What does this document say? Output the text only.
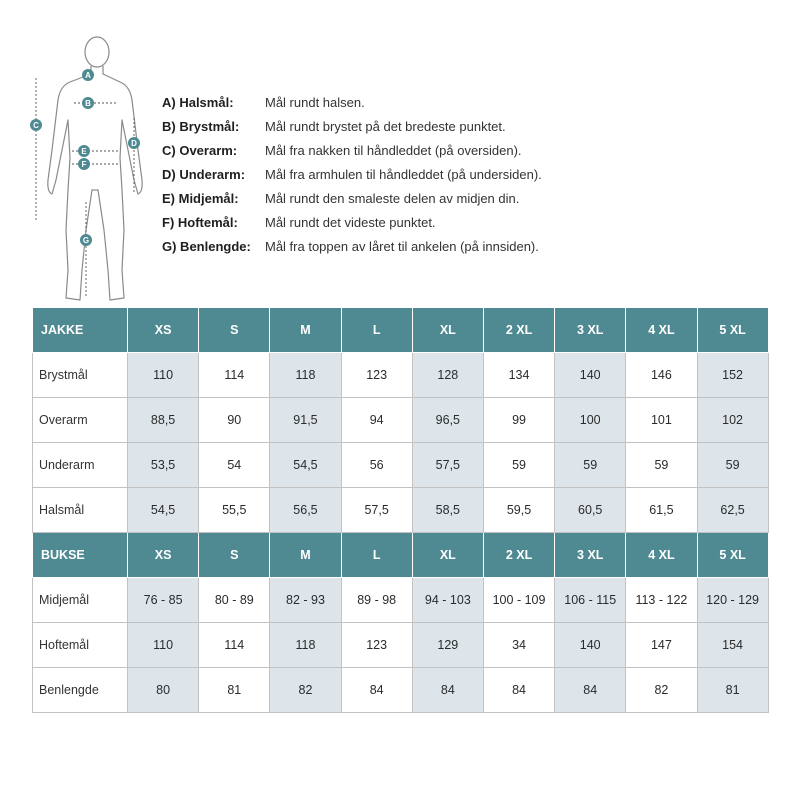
A
B
C
D
E
F
G
A) Halsmål:	Mål rundt halsen.
B) Brystmål:	Mål rundt brystet på det bredeste punktet.
C) Overarm:	Mål fra nakken til håndleddet (på oversiden).
D) Underarm:	Mål fra armhulen til håndleddet (på undersiden).
E) Midjemål:	Mål rundt den smaleste delen av midjen din.
F) Hoftemål:	Mål rundt det videste punktet.
G) Benlengde:	Mål fra toppen av låret til ankelen (på innsiden).
JAKKE	XS	S	M	L	XL	2 XL	3 XL	4 XL	5 XL
Brystmål	110	114	118	123	128	134	140	146	152
Overarm	88,5	90	91,5	94	96,5	99	100	101	102
Underarm	53,5	54	54,5	56	57,5	59	59	59	59
Halsmål	54,5	55,5	56,5	57,5	58,5	59,5	60,5	61,5	62,5
BUKSE	XS	S	M	L	XL	2 XL	3 XL	4 XL	5 XL
Midjemål	76 - 85	80 - 89	82 - 93	89 - 98	94 - 103	100 - 109	106 - 115	113 - 122	120 - 129
Hoftemål	110	114	118	123	129	34	140	147	154
Benlengde	80	81	82	84	84	84	84	82	81
